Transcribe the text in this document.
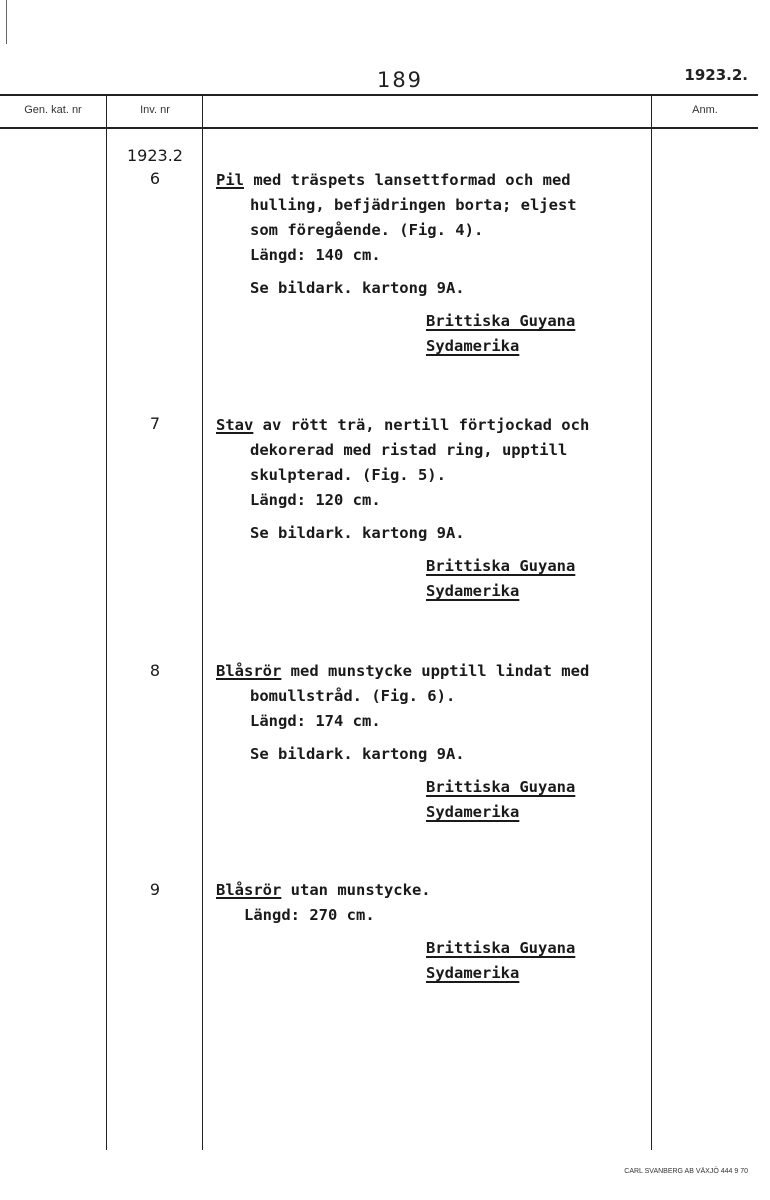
189	1923.2.
Gen. kat. nr	Inv. nr	Anm.
1923.2
6	Pil med träspets lansettformad och med

hulling, befjädringen borta; eljest

som föregående. (Fig. 4).

Längd: 140 cm.

Se bildark. kartong 9A.

Brittiska Guyana
Sydamerika
7	Stav av rött trä, nertill förtjockad och

dekorerad med ristad ring, upptill

skulpterad. (Fig. 5).

Längd: 120 cm.

Se bildark. kartong 9A.

Brittiska Guyana
Sydamerika
8	Blåsrör med munstycke upptill lindat med

bomullstråd. (Fig. 6).

Längd: 174 cm.

Se bildark. kartong 9A.

Brittiska Guyana
Sydamerika
9	Blåsrör utan munstycke.

Längd: 270 cm.

Brittiska Guyana
Sydamerika
CARL SVANBERG AB VÄXJÖ 444 9 70
